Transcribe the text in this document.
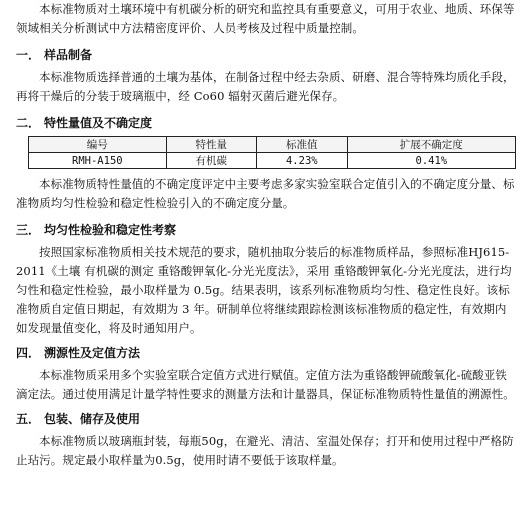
本标准物质对土壤环境中有机碳分析的研究和监控具有重要意义，可用于农业、地质、环保等领域相关分析测试中方法精密度评价、人员考核及过程中质量控制。

一． 样品制备

本标准物质选择普通的土壤为基体，在制备过程中经去杂质、研磨、混合等特殊均质化手段，再将干燥后的分装于玻璃瓶中，经 Co60 辐射灭菌后避光保存。

二． 特性量值及不确定度
编号	特性量	标准值	扩展不确定度
RMH-A150	有机碳	4.23%	0.41%

本标准物质特性量值的不确定度评定中主要考虑多家实验室联合定值引入的不确定度分量、标准物质均匀性检验和稳定性检验引入的不确定度分量。

三． 均匀性检验和稳定性考察

按照国家标准物质相关技术规范的要求，随机抽取分装后的标准物质样品，参照标准HJ615-2011《土壤 有机碳的测定 重铬酸钾氧化-分光光度法》，采用 重铬酸钾氧化-分光光度法，进行均匀性和稳定性检验，最小取样量为 0.5g。结果表明，该系列标准物质均匀性、稳定性良好。该标准物质自定值日期起，有效期为 3 年。研制单位将继续跟踪检测该标准物质的稳定性，有效期内如发现量值变化，将及时通知用户。

四． 溯源性及定值方法

本标准物质采用多个实验室联合定值方式进行赋值。定值方法为重铬酸钾硫酸氧化-硫酸亚铁滴定法。通过使用满足计量学特性要求的测量方法和计量器具，保证标准物质特性量值的溯源性。

五． 包装、储存及使用

本标准物质以玻璃瓶封装，每瓶50g，在避光、清洁、室温处保存；打开和使用过程中严格防止玷污。规定最小取样量为0.5g，使用时请不要低于该取样量。
